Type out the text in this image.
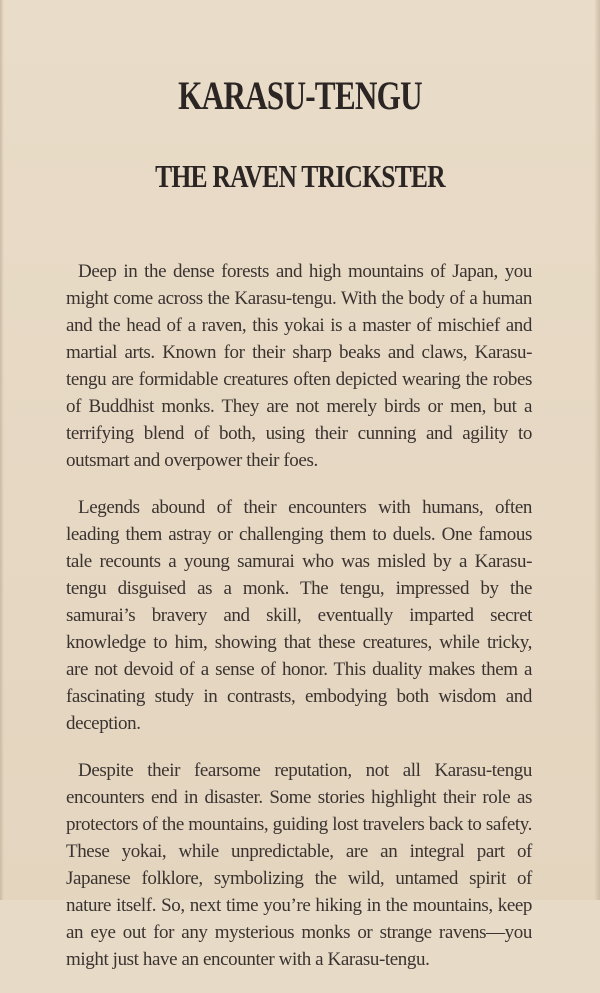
KARASU-TENGU
THE RAVEN TRICKSTER

Deep in the dense forests and high mountains of Japan, you might come across the Karasu-tengu. With the body of a human and the head of a raven, this yokai is a master of mischief and martial arts. Known for their sharp beaks and claws, Karasu-tengu are formidable creatures often depicted wearing the robes of Buddhist monks. They are not merely birds or men, but a terrifying blend of both, using their cunning and agility to outsmart and overpower their foes.

Legends abound of their encounters with humans, often leading them astray or challenging them to duels. One famous tale recounts a young samurai who was misled by a Karasu-tengu disguised as a monk. The tengu, impressed by the samurai’s bravery and skill, eventually imparted secret knowledge to him, showing that these creatures, while tricky, are not devoid of a sense of honor. This duality makes them a fascinating study in contrasts, embodying both wisdom and deception.

Despite their fearsome reputation, not all Karasu-tengu encounters end in disaster. Some stories highlight their role as protectors of the mountains, guiding lost travelers back to safety. These yokai, while unpredictable, are an integral part of Japanese folklore, symbolizing the wild, untamed spirit of nature itself. So, next time you’re hiking in the mountains, keep an eye out for any mysterious monks or strange ravens—you might just have an encounter with a Karasu-tengu.
